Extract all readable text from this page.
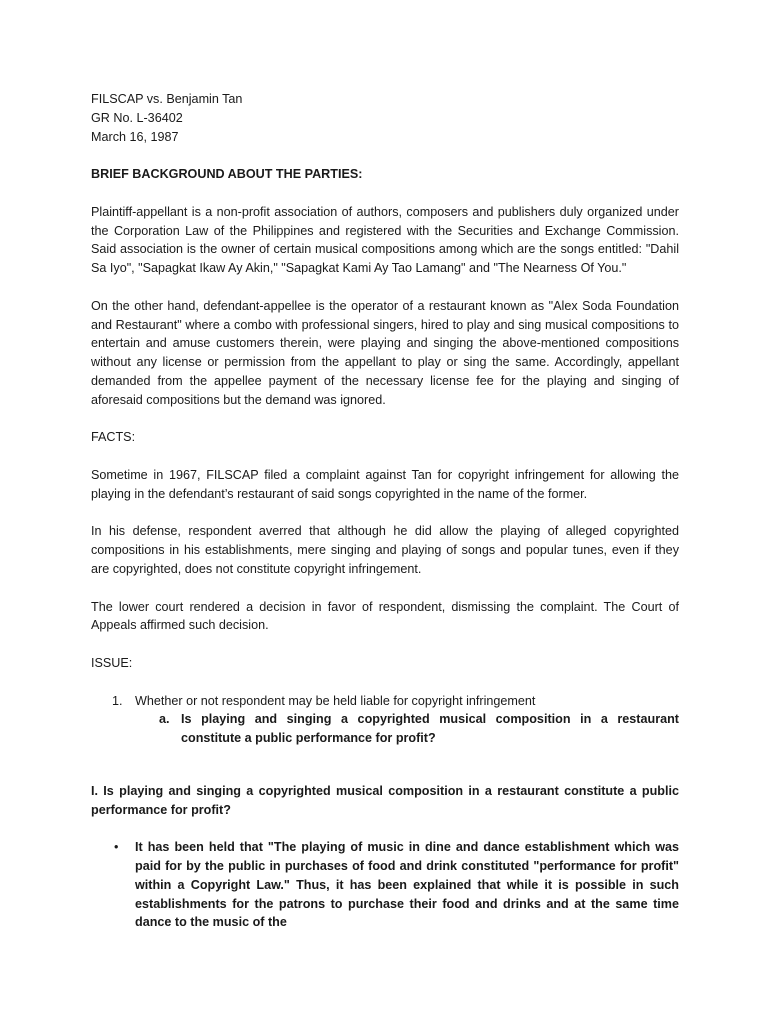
FILSCAP vs. Benjamin Tan

GR No. L-36402

March 16, 1987

BRIEF BACKGROUND ABOUT THE PARTIES:

Plaintiff-appellant is a non-profit association of authors, composers and publishers duly organized under the Corporation Law of the Philippines and registered with the Securities and Exchange Commission. Said association is the owner of certain musical compositions among which are the songs entitled: "Dahil Sa Iyo", "Sapagkat Ikaw Ay Akin," "Sapagkat Kami Ay Tao Lamang" and "The Nearness Of You."

On the other hand, defendant-appellee is the operator of a restaurant known as "Alex Soda Foundation and Restaurant" where a combo with professional singers, hired to play and sing musical compositions to entertain and amuse customers therein, were playing and singing the above-mentioned compositions without any license or permission from the appellant to play or sing the same. Accordingly, appellant demanded from the appellee payment of the necessary license fee for the playing and singing of aforesaid compositions but the demand was ignored.

FACTS:

Sometime in 1967, FILSCAP filed a complaint against Tan for copyright infringement for allowing the playing in the defendant’s restaurant of said songs copyrighted in the name of the former.

In his defense, respondent averred that although he did allow the playing of alleged copyrighted compositions in his establishments, mere singing and playing of songs and popular tunes, even if they are copyrighted, does not constitute copyright infringement.

The lower court rendered a decision in favor of respondent, dismissing the complaint. The Court of Appeals affirmed such decision.

ISSUE:

1. Whether or not respondent may be held liable for copyright infringement

a. Is playing and singing a copyrighted musical composition in a restaurant constitute a public performance for profit?

I. Is playing and singing a copyrighted musical composition in a restaurant constitute a public performance for profit?

• It has been held that "The playing of music in dine and dance establishment which was paid for by the public in purchases of food and drink constituted "performance for profit" within a Copyright Law." Thus, it has been explained that while it is possible in such establishments for the patrons to purchase their food and drinks and at the same time dance to the music of the
